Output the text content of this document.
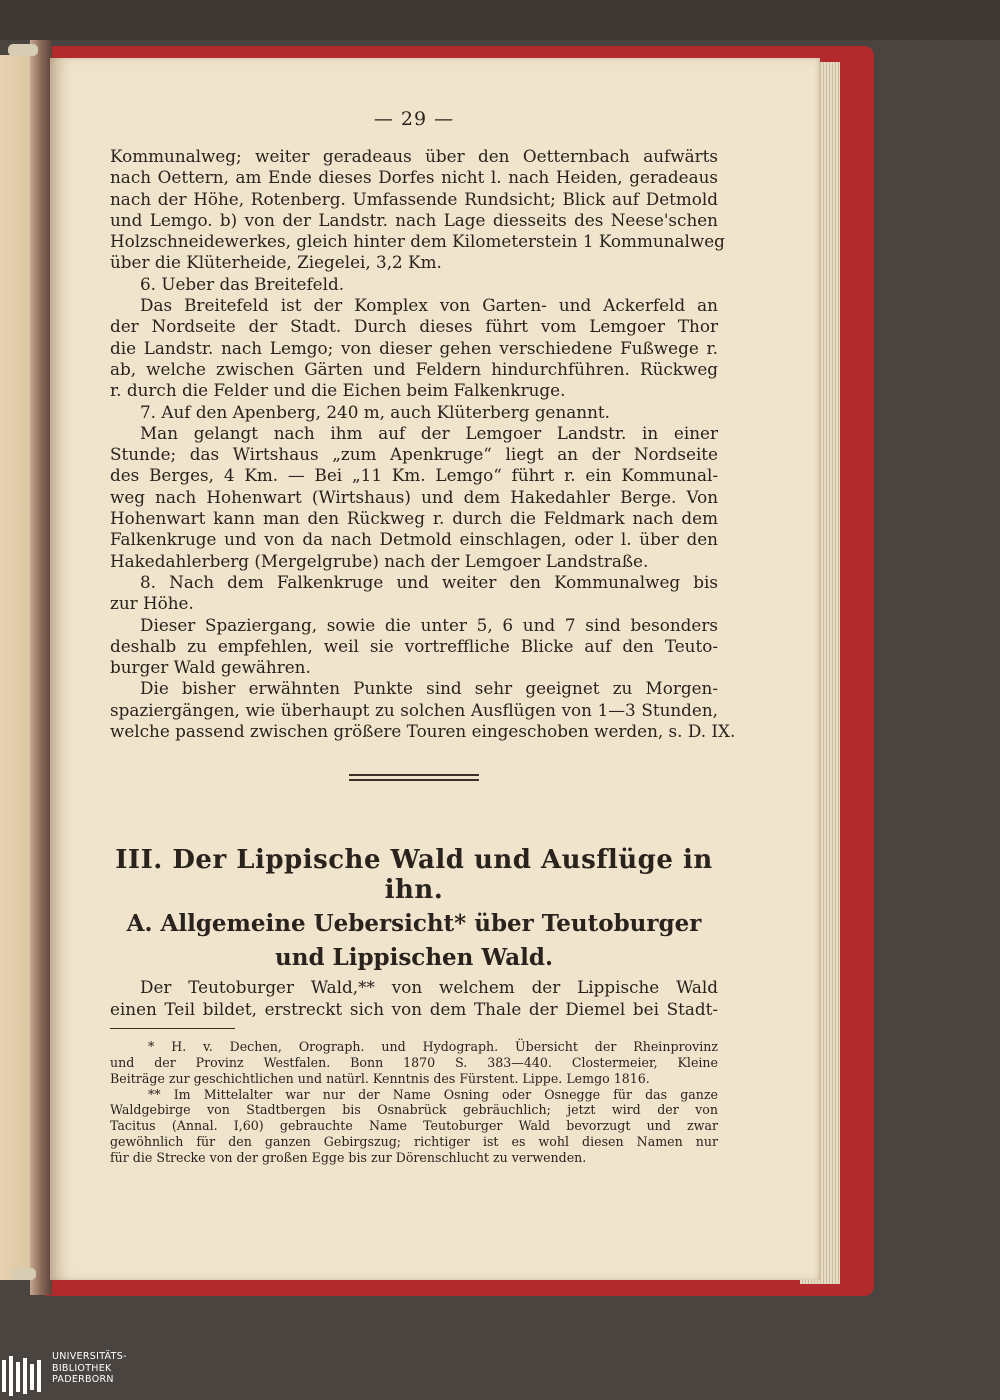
— 29 —
Kommunalweg; weiter geradeaus über den Oetternbach aufwärts
nach Oettern, am Ende dieses Dorfes nicht l. nach Heiden, geradeaus
nach der Höhe, Rotenberg. Umfassende Rundsicht; Blick auf Detmold
und Lemgo. b) von der Landstr. nach Lage diesseits des Neese'schen
Holzschneidewerkes, gleich hinter dem Kilometerstein 1 Kommunalweg
über die Klüterheide, Ziegelei, 3,2 Km.
6. Ueber das Breitefeld.
Das Breitefeld ist der Komplex von Garten- und Ackerfeld an
der Nordseite der Stadt. Durch dieses führt vom Lemgoer Thor
die Landstr. nach Lemgo; von dieser gehen verschiedene Fußwege r.
ab, welche zwischen Gärten und Feldern hindurchführen. Rückweg
r. durch die Felder und die Eichen beim Falkenkruge.
7. Auf den Apenberg, 240 m, auch Klüterberg genannt.
Man gelangt nach ihm auf der Lemgoer Landstr. in einer
Stunde; das Wirtshaus „zum Apenkruge“ liegt an der Nordseite
des Berges, 4 Km. — Bei „11 Km. Lemgo“ führt r. ein Kommunal-
weg nach Hohenwart (Wirtshaus) und dem Hakedahler Berge. Von
Hohenwart kann man den Rückweg r. durch die Feldmark nach dem
Falkenkruge und von da nach Detmold einschlagen, oder l. über den
Hakedahlerberg (Mergelgrube) nach der Lemgoer Landstraße.
8. Nach dem Falkenkruge und weiter den Kommunalweg bis
zur Höhe.
Dieser Spaziergang, sowie die unter 5, 6 und 7 sind besonders
deshalb zu empfehlen, weil sie vortreffliche Blicke auf den Teuto-
burger Wald gewähren.
Die bisher erwähnten Punkte sind sehr geeignet zu Morgen-
spaziergängen, wie überhaupt zu solchen Ausflügen von 1—3 Stunden,
welche passend zwischen größere Touren eingeschoben werden, s. D. IX.
III. Der Lippische Wald und Ausflüge in ihn.
A. Allgemeine Uebersicht* über Teutoburger
und Lippischen Wald.
Der Teutoburger Wald,** von welchem der Lippische Wald
einen Teil bildet, erstreckt sich von dem Thale der Diemel bei Stadt-
* H. v. Dechen, Orograph. und Hydograph. Übersicht der Rheinprovinz
und der Provinz Westfalen. Bonn 1870 S. 383—440. Clostermeier, Kleine
Beiträge zur geschichtlichen und natürl. Kenntnis des Fürstent. Lippe. Lemgo 1816.
** Im Mittelalter war nur der Name Osning oder Osnegge für das ganze
Waldgebirge von Stadtbergen bis Osnabrück gebräuchlich; jetzt wird der von
Tacitus (Annal. I,60) gebrauchte Name Teutoburger Wald bevorzugt und zwar
gewöhnlich für den ganzen Gebirgszug; richtiger ist es wohl diesen Namen nur
für die Strecke von der großen Egge bis zur Dörenschlucht zu verwenden.
UNIVERSITÄTS-
BIBLIOTHEK
PADERBORN
